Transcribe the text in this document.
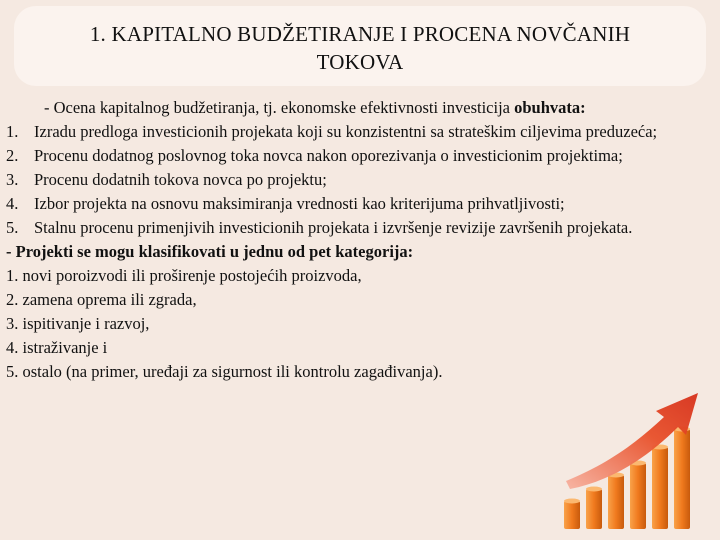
1. KAPITALNO BUDŽETIRANJE I PROCENA NOVČANIH
TOKOVA

- Ocena kapitalnog budžetiranja, tj. ekonomske efektivnosti investicija obuhvata:

1. Izradu predloga investicionih projekata koji su konzistentni sa strateškim ciljevima preduzeća;
2. Procenu dodatnog poslovnog toka novca nakon oporezivanja o investicionim projektima;
3. Procenu dodatnih tokova novca po projektu;
4. Izbor projekta na osnovu maksimiranja vrednosti kao kriterijuma prihvatljivosti;
5. Stalnu procenu primenjivih investicionih projekata i izvršenje revizije završenih projekata.

- Projekti se mogu klasifikovati u jednu od pet kategorija:

1. novi poroizvodi ili proširenje postojećih proizvoda,
2. zamena oprema ili zgrada,
3. ispitivanje i razvoj,
4. istraživanje i
5. ostalo (na primer, uređaji za sigurnost ili kontrolu zagađivanja).
